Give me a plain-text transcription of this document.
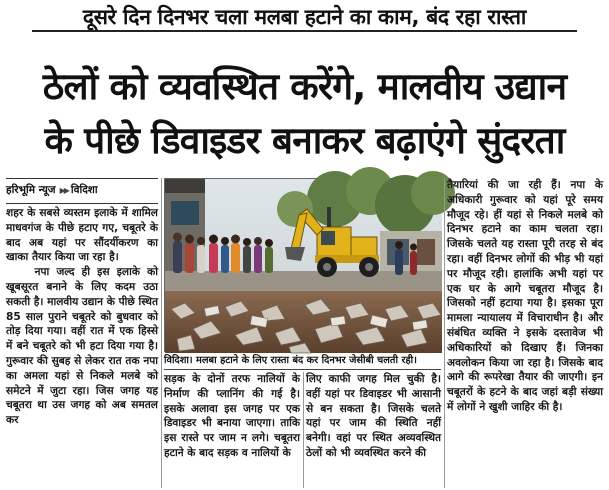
दूसरे दिन दिनभर चला मलबा हटाने का काम, बंद रहा रास्ता
ठेलों को व्यवस्थित करेंगे, मालवीय उद्यान
के पीछे डिवाइडर बनाकर बढ़ाएंगे सुंदरता
हरिभूमि न्यूज ▶▶ विदिशा
शहर के सबसे व्यस्तम इलाके में शामिल माधवगंज के पीछे हटाए गए, चबूतरे के बाद अब यहां पर सौंदर्यीकरण का खाका तैयार किया जा रहा है।
नपा जल्द ही इस इलाके को खूबसूरत बनाने के लिए कदम उठा सकती है। मालवीय उद्यान के पीछे स्थित 85 साल पुराने चबूतरे को बुधवार को तोड़ दिया गया। वहीं रात में एक हिस्से में बने चबूतरे को भी हटा दिया गया है। गुरूवार की सुबह से लेकर रात तक नपा का अमला यहां से निकले मलबे को समेटने में जुटा रहा। जिस जगह यह चबूतरा था उस जगह को अब समतल कर
विदिशा। मलबा हटाने के लिए रास्ता बंद कर दिनभर जेसीबी चलती रही।
सड़क के दोनों तरफ नालियों के निर्माण की प्लानिंग की गई है। इसके अलावा इस जगह पर एक डिवाइडर भी बनाया जाएगा। ताकि इस रास्ते पर जाम न लगे। चबूतरा हटाने के बाद सड़क व नालियों के
लिए काफी जगह मिल चुकी है। वहीं यहां पर डिवाइडर भी आसानी से बन सकता है। जिसके चलते यहां पर जाम की स्थिति नहीं बनेगी। वहां पर स्थित अव्यवस्थित ठेलों को भी व्यवस्थित करने की
तैयारियां की जा रही हैं। नपा के अधिकारी गुरूवार को यहां पूरे समय मौजूद रहे। हीं यहां से निकले मलबे को दिनभर हटाने का काम चलता रहा। जिसके चलते यह रास्ता पूरी तरह से बंद रहा। वहीं दिनभर लोगों की भीड़ भी यहां पर मौजूद रही। हालांकि अभी यहां पर एक घर के आगे चबूतरा मौजूद है। जिसको नहीं हटाया गया है। इसका पूरा मामला न्यायालय में विचाराधीन है। और संबंधित व्यक्ति ने इसके दस्तावेज भी अधिकारियों को दिखाए हैं। जिनका अवलोकन किया जा रहा है। जिसके बाद आगे की रूपरेखा तैयार की जाएगी। इन चबूतरों के हटने के बाद जहां बड़ी संख्या में लोगों ने खुशी जाहिर की है।
